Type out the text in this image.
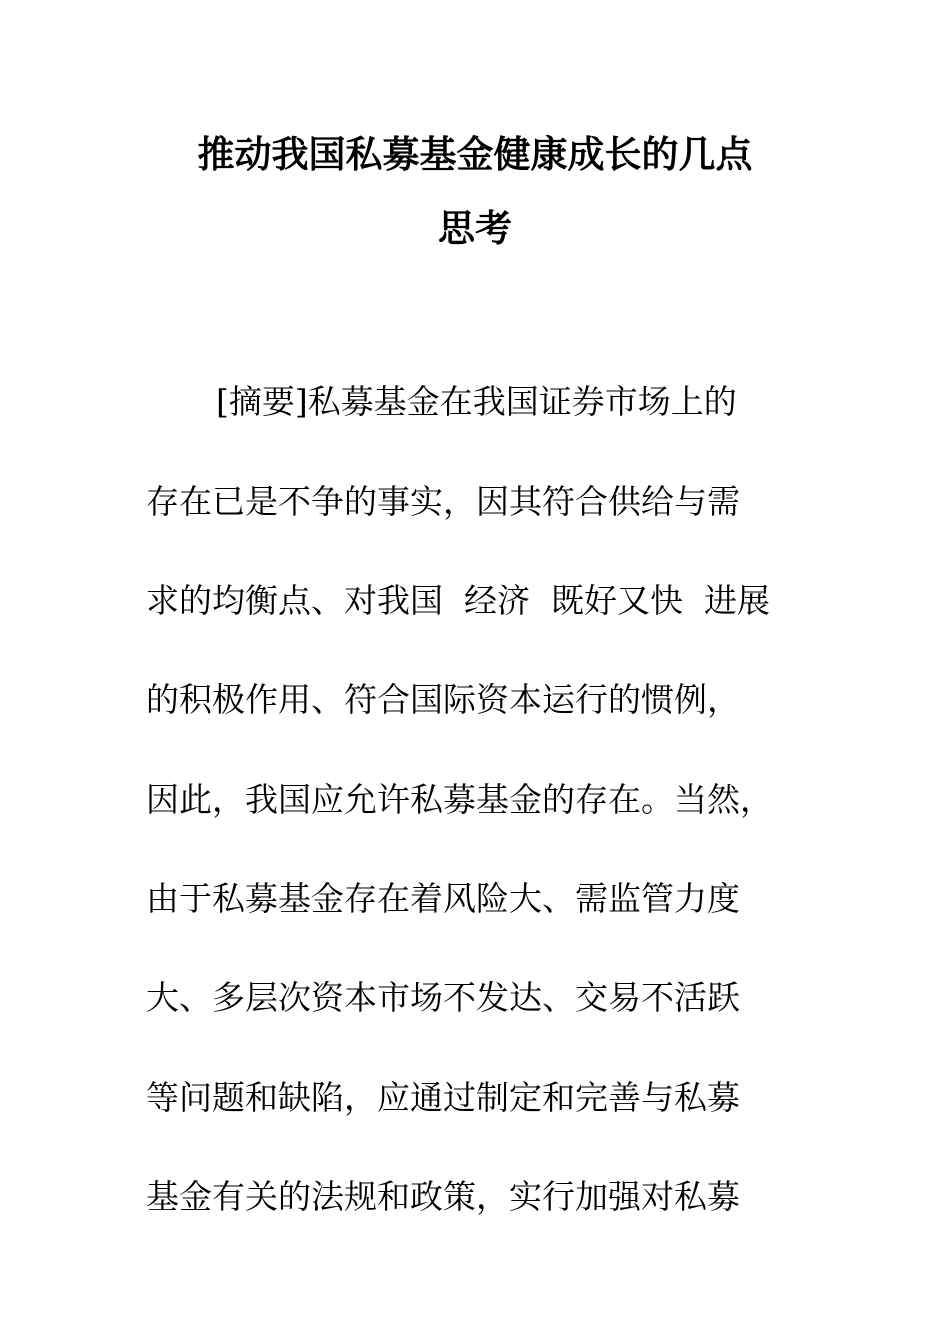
推动我国私募基金健康成长的几点
思考
[摘要]私募基金在我国证券市场上的
存在已是不争的事实，因其符合供给与需
求的均衡点、对我国  经济  既好又快  进展
的积极作用、符合国际资本运行的惯例，
因此，我国应允许私募基金的存在。当然，
由于私募基金存在着风险大、需监管力度
大、多层次资本市场不发达、交易不活跃
等问题和缺陷，应通过制定和完善与私募
基金有关的法规和政策，实行加强对私募
